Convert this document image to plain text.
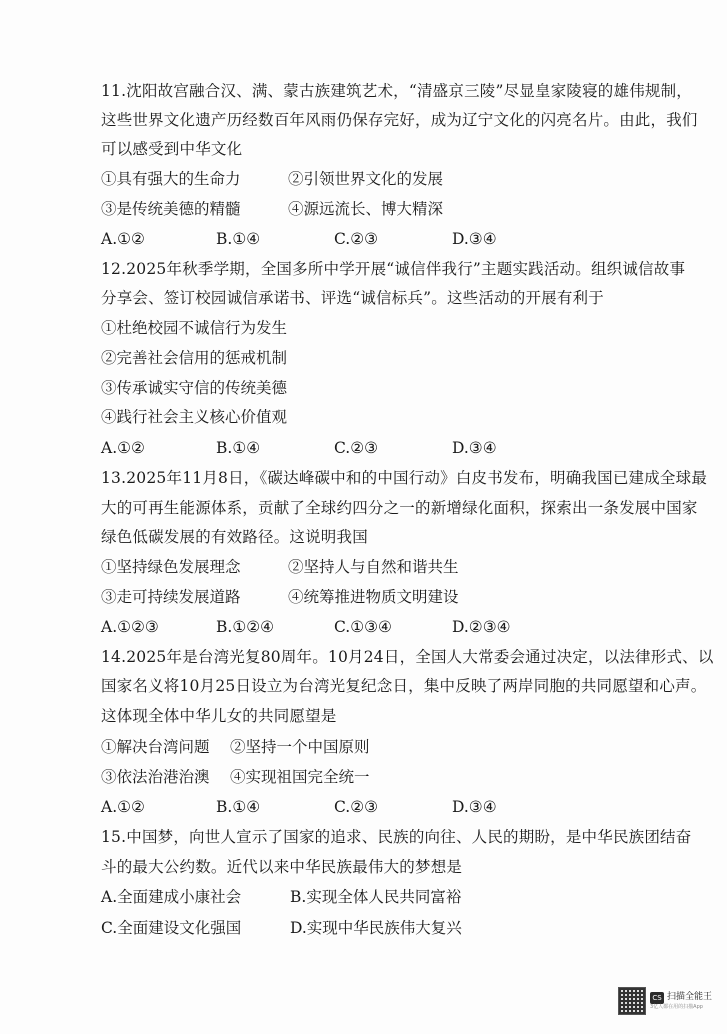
11.沈阳故宫融合汉、满、蒙古族建筑艺术，“清盛京三陵”尽显皇家陵寝的雄伟规制，
这些世界文化遗产历经数百年风雨仍保存完好，成为辽宁文化的闪亮名片。由此，我们
可以感受到中华文化
①具有强大的生命力	②引领世界文化的发展
③是传统美德的精髓	④源远流长、博大精深
A.①②	B.①④	C.②③	D.③④
12.2025年秋季学期，全国多所中学开展“诚信伴我行”主题实践活动。组织诚信故事
分享会、签订校园诚信承诺书、评选“诚信标兵”。这些活动的开展有利于
①杜绝校园不诚信行为发生
②完善社会信用的惩戒机制
③传承诚实守信的传统美德
④践行社会主义核心价值观
A.①②	B.①④	C.②③	D.③④
13.2025年11月8日，《碳达峰碳中和的中国行动》白皮书发布，明确我国已建成全球最
大的可再生能源体系，贡献了全球约四分之一的新增绿化面积，探索出一条发展中国家
绿色低碳发展的有效路径。这说明我国
①坚持绿色发展理念	②坚持人与自然和谐共生
③走可持续发展道路	④统筹推进物质文明建设
A.①②③	B.①②④	C.①③④	D.②③④
14.2025年是台湾光复80周年。10月24日，全国人大常委会通过决定，以法律形式、以
国家名义将10月25日设立为台湾光复纪念日，集中反映了两岸同胞的共同愿望和心声。
这体现全体中华儿女的共同愿望是
①解决台湾问题 ②坚持一个中国原则
③依法治港治澳 ④实现祖国完全统一
A.①②	B.①④	C.②③	D.③④
15.中国梦，向世人宣示了国家的追求、民族的向往、人民的期盼，是中华民族团结奋
斗的最大公约数。近代以来中华民族最伟大的梦想是
A.全面建成小康社会	B.实现全体人民共同富裕
C.全面建设文化强国	D.实现中华民族伟大复兴
CS 扫描全能王
3亿人都在用的扫描App
